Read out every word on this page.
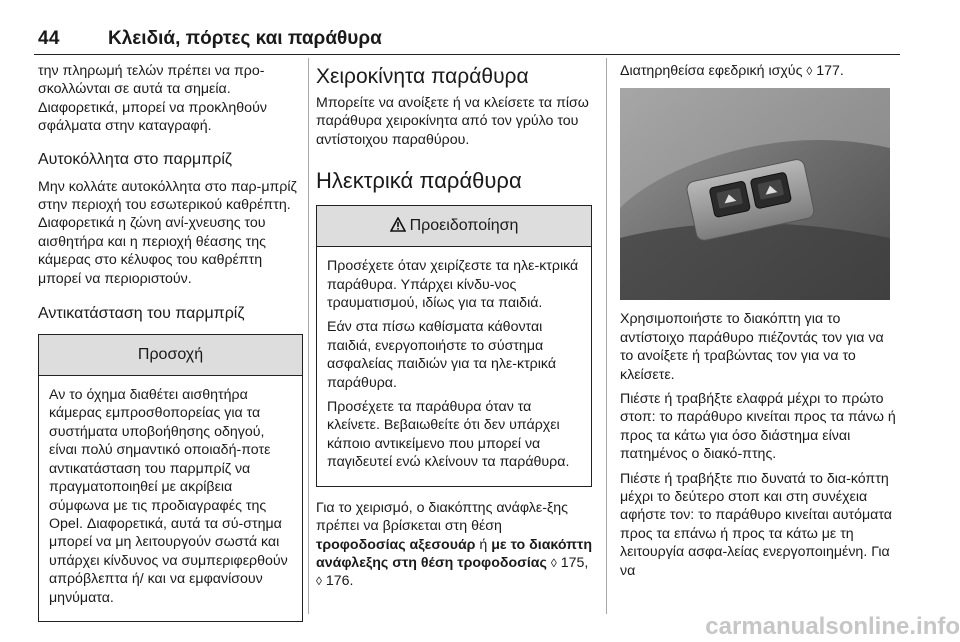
44	Κλειδιά, πόρτες και παράθυρα

την πληρωμή τελών πρέπει να προ-σκολλώνται σε αυτά τα σημεία. Διαφορετικά, μπορεί να προκληθούν σφάλματα στην καταγραφή.

Αυτοκόλλητα στο παρμπρίζ

Μην κολλάτε αυτοκόλλητα στο παρ-μπρίζ στην περιοχή του εσωτερικού καθρέπτη. Διαφορετικά η ζώνη ανί-χνευσης του αισθητήρα και η περιοχή θέασης της κάμερας στο κέλυφος του καθρέπτη μπορεί να περιοριστούν.

Αντικατάσταση του παρμπρίζ
Προσοχή

Αν το όχημα διαθέτει αισθητήρα κάμερας εμπροσθοπορείας για τα συστήματα υποβοήθησης οδηγού, είναι πολύ σημαντικό οποιαδή-ποτε αντικατάσταση του παρμπρίζ να πραγματοποιηθεί με ακρίβεια σύμφωνα με τις προδιαγραφές της Opel. Διαφορετικά, αυτά τα σύ-στημα μπορεί να μη λειτουργούν σωστά και υπάρχει κίνδυνος να συμπεριφερθούν απρόβλεπτα ή/ και να εμφανίσουν μηνύματα.

Χειροκίνητα παράθυρα

Μπορείτε να ανοίξετε ή να κλείσετε τα πίσω παράθυρα χειροκίνητα από τον γρύλο του αντίστοιχου παραθύρου.

Ηλεκτρικά παράθυρα
Προειδοποίηση

Προσέχετε όταν χειρίζεστε τα ηλε-κτρικά παράθυρα. Υπάρχει κίνδυ-νος τραυματισμού, ιδίως για τα παιδιά.

Εάν στα πίσω καθίσματα κάθονται παιδιά, ενεργοποιήστε το σύστημα ασφαλείας παιδιών για τα ηλε-κτρικά παράθυρα.

Προσέχετε τα παράθυρα όταν τα κλείνετε. Βεβαιωθείτε ότι δεν υπάρχει κάποιο αντικείμενο που μπορεί να παγιδευτεί ενώ κλείνουν τα παράθυρα.

Για το χειρισμό, ο διακόπτης ανάφλε-ξης πρέπει να βρίσκεται στη θέση τροφοδοσίας αξεσουάρ ή με το διακόπτη ανάφλεξης στη θέση τροφοδοσίας ◊ 175, ◊ 176.

Διατηρηθείσα εφεδρική ισχύς ◊ 177.

Χρησιμοποιήστε το διακόπτη για το αντίστοιχο παράθυρο πιέζοντάς τον για να το ανοίξετε ή τραβώντας τον για να το κλείσετε.

Πιέστε ή τραβήξτε ελαφρά μέχρι το πρώτο στοπ: το παράθυρο κινείται προς τα πάνω ή προς τα κάτω για όσο διάστημα είναι πατημένος ο διακό-πτης.

Πιέστε ή τραβήξτε πιο δυνατά το δια-κόπτη μέχρι το δεύτερο στοπ και στη συνέχεια αφήστε τον: το παράθυρο κινείται αυτόματα προς τα επάνω ή προς τα κάτω με τη λειτουργία ασφα-λείας ενεργοποιημένη. Για να

carmanualsonline.info
